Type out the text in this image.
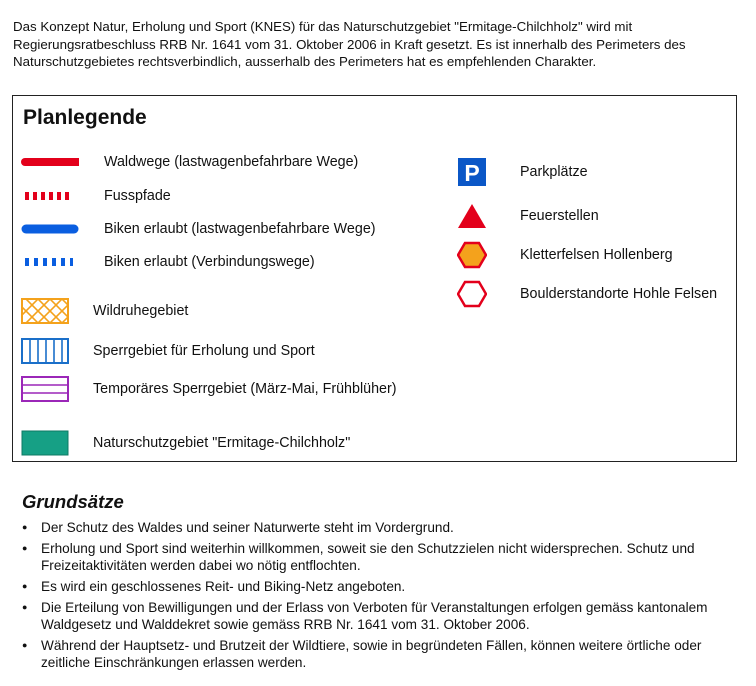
Das Konzept Natur, Erholung und Sport (KNES) für das Naturschutzgebiet "Ermitage-Chilchholz" wird mit Regierungsratbeschluss RRB Nr. 1641 vom 31. Oktober 2006 in Kraft gesetzt. Es ist innerhalb des Perimeters des Naturschutzgebietes rechtsverbindlich, ausserhalb des Perimeters hat es empfehlenden Charakter.

Planlegende
Waldwege (lastwagenbefahrbare Wege)
Fusspfade
Biken erlaubt (lastwagenbefahrbare Wege)
Biken erlaubt (Verbindungswege)
Wildruhegebiet
Sperrgebiet für Erholung und Sport
Temporäres Sperrgebiet (März-Mai, Frühblüher)
Naturschutzgebiet "Ermitage-Chilchholz"
P	Parkplätze
Feuerstellen
Kletterfelsen Hollenberg
Boulderstandorte Hohle Felsen
Grundsätze
● Der Schutz des Waldes und seiner Naturwerte steht im Vordergrund.
● Erholung und Sport sind weiterhin willkommen, soweit sie den Schutzzielen nicht widersprechen. Schutz und Freizeitaktivitäten werden dabei wo nötig entflochten.
● Es wird ein geschlossenes Reit- und Biking-Netz angeboten.
● Die Erteilung von Bewilligungen und der Erlass von Verboten für Veranstaltungen erfolgen gemäss kantonalem Waldgesetz und Walddekret sowie gemäss RRB Nr. 1641 vom 31. Oktober 2006.
● Während der Hauptsetz- und Brutzeit der Wildtiere, sowie in begründeten Fällen, können weitere örtliche oder zeitliche Einschränkungen erlassen werden.
